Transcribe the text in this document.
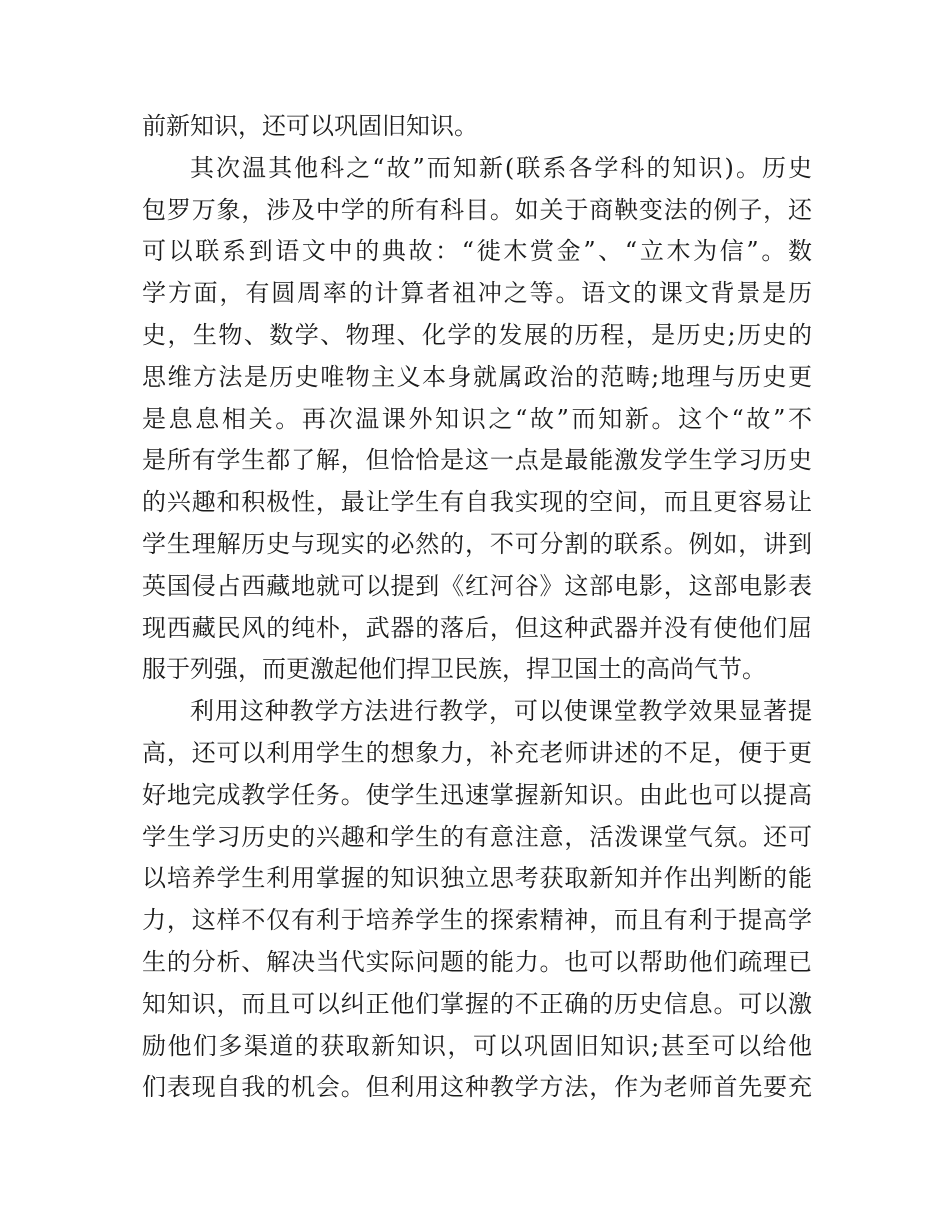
前新知识，还可以巩固旧知识。
其次温其他科之“故”而知新(联系各学科的知识)。历史
包罗万象，涉及中学的所有科目。如关于商鞅变法的例子，还
可以联系到语文中的典故：“徙木赏金”、“立木为信”。数
学方面，有圆周率的计算者祖冲之等。语文的课文背景是历
史，生物、数学、物理、化学的发展的历程，是历史;历史的
思维方法是历史唯物主义本身就属政治的范畴;地理与历史更
是息息相关。再次温课外知识之“故”而知新。这个“故”不
是所有学生都了解，但恰恰是这一点是最能激发学生学习历史
的兴趣和积极性，最让学生有自我实现的空间，而且更容易让
学生理解历史与现实的必然的，不可分割的联系。例如，讲到
英国侵占西藏地就可以提到《红河谷》这部电影，这部电影表
现西藏民风的纯朴，武器的落后，但这种武器并没有使他们屈
服于列强，而更激起他们捍卫民族，捍卫国土的高尚气节。
利用这种教学方法进行教学，可以使课堂教学效果显著提
高，还可以利用学生的想象力，补充老师讲述的不足，便于更
好地完成教学任务。使学生迅速掌握新知识。由此也可以提高
学生学习历史的兴趣和学生的有意注意，活泼课堂气氛。还可
以培养学生利用掌握的知识独立思考获取新知并作出判断的能
力，这样不仅有利于培养学生的探索精神，而且有利于提高学
生的分析、解决当代实际问题的能力。也可以帮助他们疏理已
知知识，而且可以纠正他们掌握的不正确的历史信息。可以激
励他们多渠道的获取新知识，可以巩固旧知识;甚至可以给他
们表现自我的机会。但利用这种教学方法，作为老师首先要充
